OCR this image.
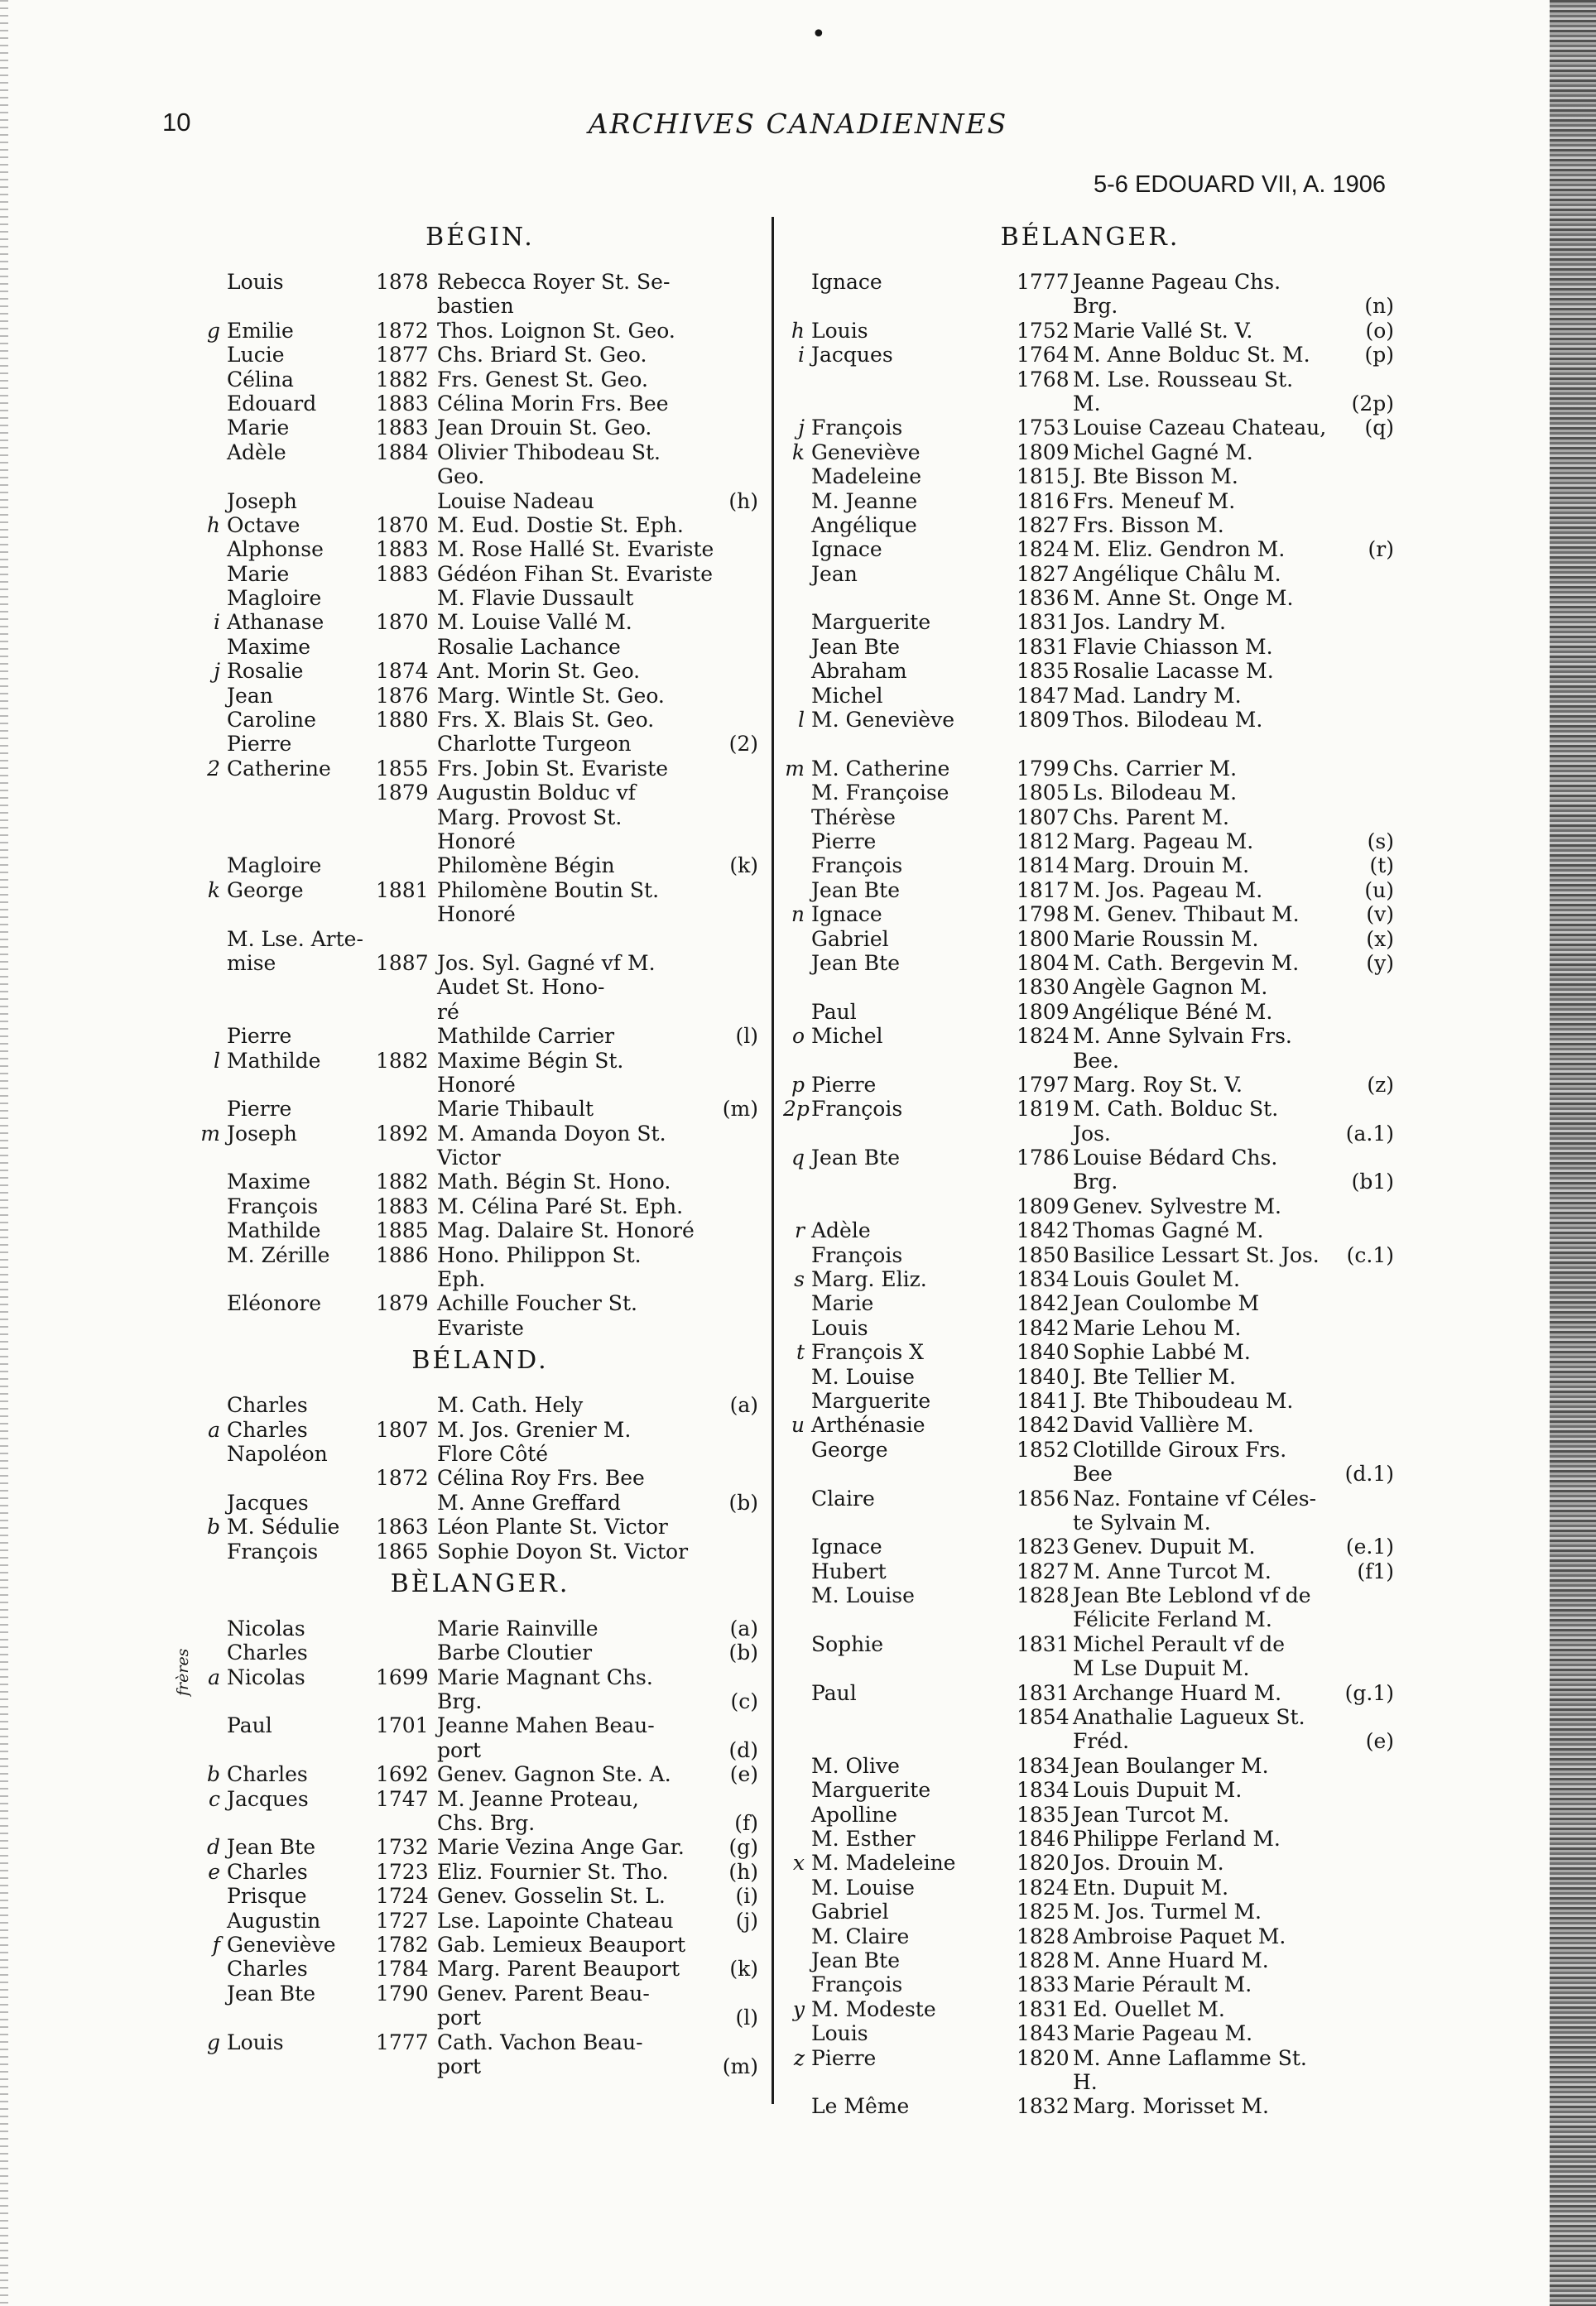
•
10	ARCHIVES CANADIENNES
5-6 EDOUARD VII, A. 1906
BÉGIN.
Louis	1878 Rebecca Royer St. Se-
bastien
g Emilie	1872 Thos. Loignon St. Geo.
Lucie	1877 Chs. Briard St. Geo.
Célina	1882 Frs. Genest St. Geo.
Edouard	1883 Célina Morin Frs. Bee
Marie	1883 Jean Drouin St. Geo.
Adèle	1884 Olivier Thibodeau St.
Geo.
Joseph	Louise Nadeau	(h)
h Octave	1870 M. Eud. Dostie St. Eph.
Alphonse	1883 M. Rose Hallé St. Evariste
Marie	1883 Gédéon Fihan St. Evariste
Magloire	M. Flavie Dussault
i Athanase	1870 M. Louise Vallé M.
Maxime	Rosalie Lachance
j Rosalie	1874 Ant. Morin St. Geo.
Jean	1876 Marg. Wintle St. Geo.
Caroline	1880 Frs. X. Blais St. Geo.
Pierre	Charlotte Turgeon	(2)
2 Catherine 1855 Frs. Jobin St. Evariste
1879 Augustin Bolduc vf
Marg. Provost St.
Honoré
Magloire	Philomène Bégin	(k)
k George	1881 Philomène Boutin St.
Honoré
M. Lse. Arte-
mise	1887 Jos. Syl. Gagné vf M.
Audet St. Hono-
ré
Pierre	Mathilde Carrier	(l)
l Mathilde	1882 Maxime Bégin St.
Honoré
Pierre	Marie Thibault	(m)
m Joseph	1892 M. Amanda Doyon St.
Victor
Maxime	1882 Math. Bégin St. Hono.
François	1883 M. Célina Paré St. Eph.
Mathilde	1885 Mag. Dalaire St. Honoré
M. Zérille 1886 Hono. Philippon St.
Eph.
Eléonore	1879 Achille Foucher St.
Evariste
BÉLAND.
Charles	M. Cath. Hely	(a)
a Charles	1807 M. Jos. Grenier M.
Napoléon	Flore Côté
1872 Célina Roy Frs. Bee
Jacques	M. Anne Greffard	(b)
b M. Sédulie 1863 Léon Plante St. Victor
François	1865 Sophie Doyon St. Victor
BÈLANGER.
Nicolas	Marie Rainville	(a)
Charles	Barbe Cloutier	(b)
a Nicolas	1699 Marie Magnant Chs.
Brg.	(c)
Paul	1701 Jeanne Mahen Beau-
port	(d)
b Charles	1692 Genev. Gagnon Ste. A.	(e)
c Jacques	1747 M. Jeanne Proteau,
Chs. Brg.	(f)
d Jean Bte	1732 Marie Vezina Ange Gar. (g)
e Charles	1723 Eliz. Fournier St. Tho.	(h)
Prisque	1724 Genev. Gosselin St. L.	(i)
Augustin	1727 Lse. Lapointe Chateau	(j)
f Geneviève 1782 Gab. Lemieux Beauport
Charles	1784 Marg. Parent Beauport (k)
Jean Bte	1790 Genev. Parent Beau-
port	(l)
g Louis	1777 Cath. Vachon Beau-
port	(m)
BÉLANGER.
Ignace	1777 Jeanne Pageau Chs.
Brg.	(n)
h Louis	1752 Marie Vallé St. V.	(o)
i Jacques	1764 M. Anne Bolduc St. M.	(p)
1768 M. Lse. Rousseau St.
M.	(2p)
j François	1753 Louise Cazeau Chateau, (q)
k Geneviève	1809 Michel Gagné M.
Madeleine	1815 J. Bte Bisson M.
M. Jeanne	1816 Frs. Meneuf M.
Angélique	1827 Frs. Bisson M.
Ignace	1824 M. Eliz. Gendron M.	(r)
Jean	1827 Angélique Châlu M.
1836 M. Anne St. Onge M.
Marguerite	1831 Jos. Landry M.
Jean Bte	1831 Flavie Chiasson M.
Abraham	1835 Rosalie Lacasse M.
Michel	1847 Mad. Landry M.
l M. Geneviève	1809 Thos. Bilodeau M.
m M. Catherine	1799 Chs. Carrier M.
M. Françoise	1805 Ls. Bilodeau M.
Thérèse	1807 Chs. Parent M.
Pierre	1812 Marg. Pageau M.	(s)
François	1814 Marg. Drouin M.	(t)
Jean Bte	1817 M. Jos. Pageau M.	(u)
n Ignace	1798 M. Genev. Thibaut M.	(v)
Gabriel	1800 Marie Roussin M.	(x)
Jean Bte	1804 M. Cath. Bergevin M.	(y)
1830 Angèle Gagnon M.
Paul	1809 Angélique Béné M.
o Michel	1824 M. Anne Sylvain Frs.
Bee.
p Pierre	1797 Marg. Roy St. V.	(z)
2p François	1819 M. Cath. Bolduc St.
Jos.	(a.1)
q Jean Bte	1786 Louise Bédard Chs.
Brg.	(b1)
1809 Genev. Sylvestre M.
r Adèle	1842 Thomas Gagné M.
François	1850 Basilice Lessart St. Jos. (c.1)
s Marg. Eliz.	1834 Louis Goulet M.
Marie	1842 Jean Coulombe M
Louis	1842 Marie Lehou M.
t François X	1840 Sophie Labbé M.
M. Louise	1840 J. Bte Tellier M.
Marguerite	1841 J. Bte Thiboudeau M.
u Arthénasie	1842 David Vallière M.
George	1852 Clotillde Giroux Frs.
Bee	(d.1)
Claire	1856 Naz. Fontaine vf Céles-
te Sylvain M.
Ignace	1823 Genev. Dupuit M.	(e.1)
Hubert	1827 M. Anne Turcot M.	(f1)
M. Louise	1828 Jean Bte Leblond vf de
Félicite Ferland M.
Sophie	1831 Michel Perault vf de
M Lse Dupuit M.
Paul	1831 Archange Huard M.	(g.1)
1854 Anathalie Lagueux St.
Fréd.	(e)
M. Olive	1834 Jean Boulanger M.
Marguerite	1834 Louis Dupuit M.
Apolline	1835 Jean Turcot M.
M. Esther	1846 Philippe Ferland M.
x M. Madeleine	1820 Jos. Drouin M.
M. Louise	1824 Etn. Dupuit M.
Gabriel	1825 M. Jos. Turmel M.
M. Claire	1828 Ambroise Paquet M.
Jean Bte	1828 M. Anne Huard M.
François	1833 Marie Pérault M.
y M. Modeste	1831 Ed. Ouellet M.
Louis	1843 Marie Pageau M.
z Pierre	1820 M. Anne Laflamme St.
H.
Le Même	1832 Marg. Morisset M.
frères
